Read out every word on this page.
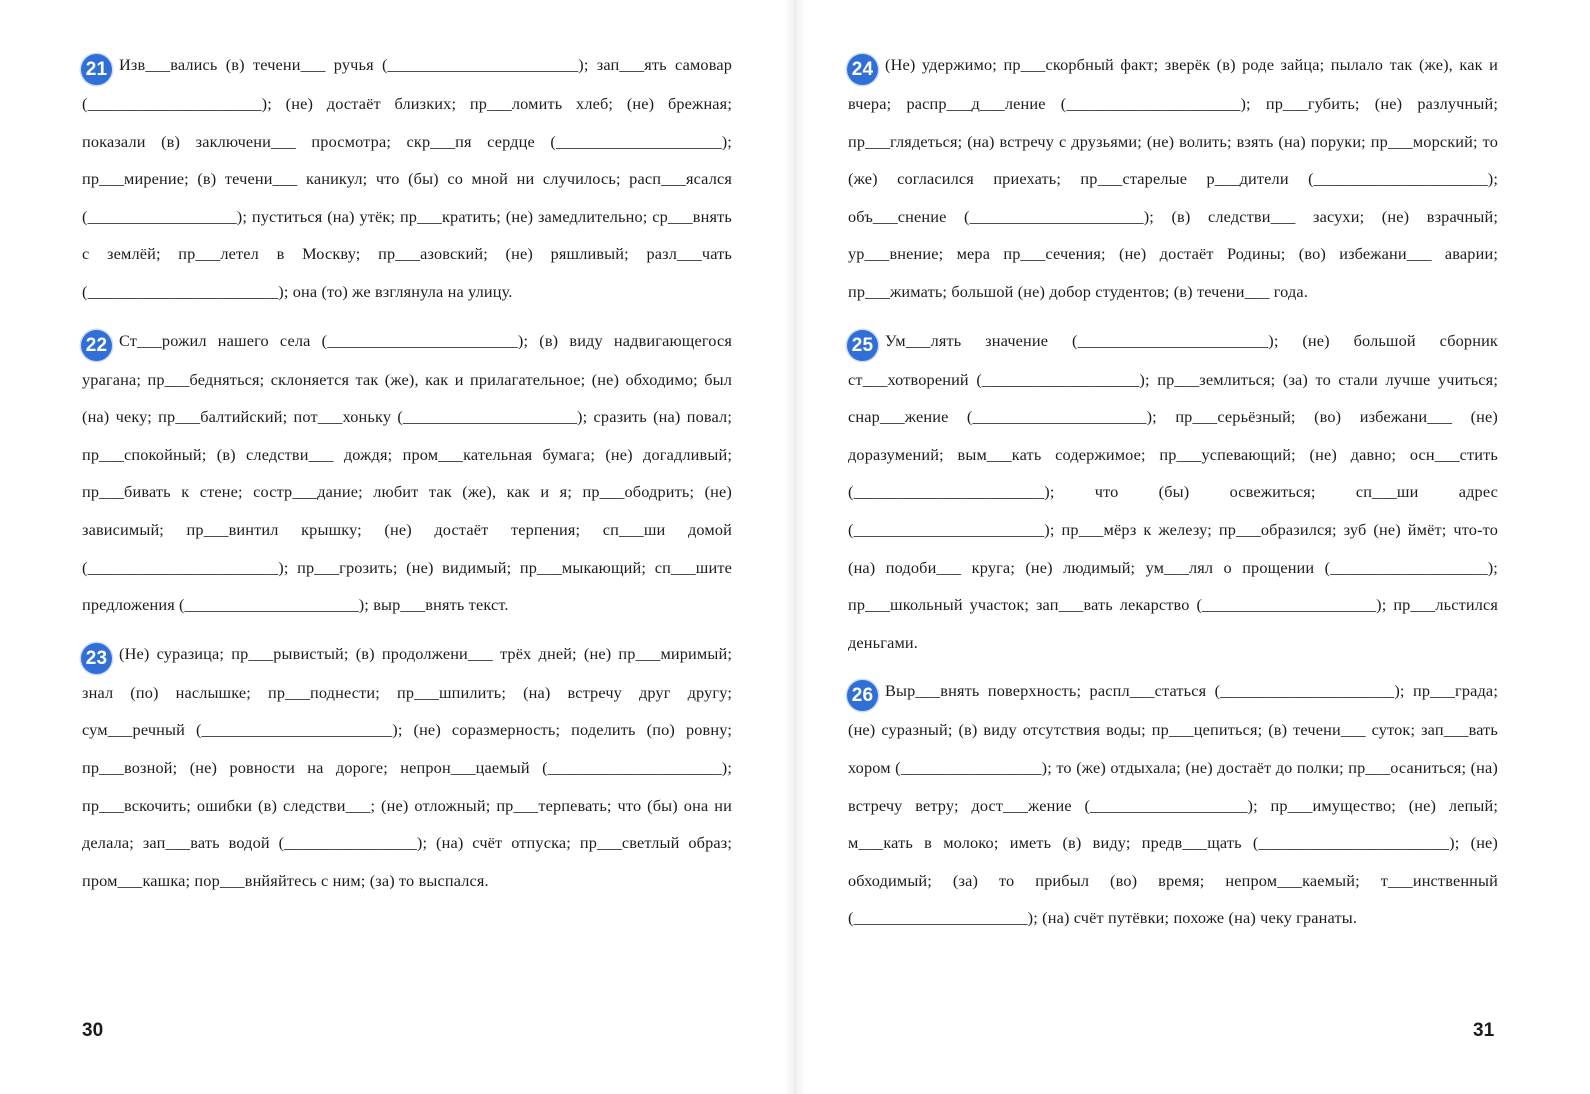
21 Изв___вались (в) течени___ ручья (_______________________); зап___ять самовар (_____________________); (не) достаёт близких; пр___ломить хлеб; (не) брежная; показали (в) заключени___ просмотра; скр___пя сердце (____________________); пр___мирение; (в) течени___ каникул; что (бы) со мной ни случилось; расп___ясался (__________________); пуститься (на) утёк; пр___кратить; (не) замедлительно; ср___внять с землёй; пр___летел в Москву; пр___азовский; (не) ряшливый; разл___чать (_______________________); она (то) же взглянула на улицу.

22 Ст___рожил нашего села (_______________________); (в) виду надвигающегося урагана; пр___бедняться; склоняется так (же), как и прилагательное; (не) обходимо; был (на) чеку; пр___балтийский; пот___хоньку (_____________________); сразить (на) повал; пр___спокойный; (в) следстви___ дождя; пром___кательная бумага; (не) догадливый; пр___бивать к стене; состр___дание; любит так (же), как и я; пр___ободрить; (не) зависимый; пр___винтил крышку; (не) достаёт терпения; сп___ши домой (_______________________); пр___грозить; (не) видимый; пр___мыкающий; сп___шите предложения (_____________________); выр___внять текст.

23 (Не) суразица; пр___рывистый; (в) продолжени___ трёх дней; (не) пр___миримый; знал (по) наслышке; пр___поднести; пр___шпилить; (на) встречу друг другу; сум___речный (_______________________); (не) соразмерность; поделить (по) ровну; пр___возной; (не) ровности на дороге; непрон___цаемый (_____________________); пр___вскочить; ошибки (в) следстви___; (не) отложный; пр___терпевать; что (бы) она ни делала; зап___вать водой (________________); (на) счёт отпуска; пр___светлый образ; пром___кашка; пор___внйяйтесь с ним; (за) то выспался.

30

24 (Не) удержимо; пр___скорбный факт; зверёк (в) роде зайца; пылало так (же), как и вчера; распр___д___ление (_____________________); пр___губить; (не) разлучный; пр___глядеться; (на) встречу с друзьями; (не) волить; взять (на) поруки; пр___морский; то (же) согласился приехать; пр___старелые р___дители (_____________________); объ___снение (_____________________); (в) следстви___ засухи; (не) взрачный; ур___внение; мера пр___сечения; (не) достаёт Родины; (во) избежани___ аварии; пр___жимать; большой (не) добор студентов; (в) течени___ года.

25 Ум___лять значение (_______________________); (не) большой сборник ст___хотворений (___________________); пр___землиться; (за) то стали лучше учиться; снар___жение (_____________________); пр___серьёзный; (во) избежани___ (не) доразумений; вым___кать содержимое; пр___успевающий; (не) давно; осн___стить (_______________________); что (бы) освежиться; сп___ши адрес (_______________________); пр___мёрз к железу; пр___образился; зуб (не) ймёт; что-то (на) подоби___ круга; (не) людимый; ум___лял о прощении (___________________); пр___школьный участок; зап___вать лекарство (_____________________); пр___льстился деньгами.

26 Выр___внять поверхность; распл___статься (_____________________); пр___града; (не) суразный; (в) виду отсутствия воды; пр___цепиться; (в) течени___ суток; зап___вать хором (_________________); то (же) отдыхала; (не) достаёт до полки; пр___осаниться; (на) встречу ветру; дост___жение (___________________); пр___имущество; (не) лепый; м___кать в молоко; иметь (в) виду; предв___щать (_______________________); (не) обходимый; (за) то прибыл (во) время; непром___каемый; т___инственный (_____________________); (на) счёт путёвки; похоже (на) чеку гранаты.

31
